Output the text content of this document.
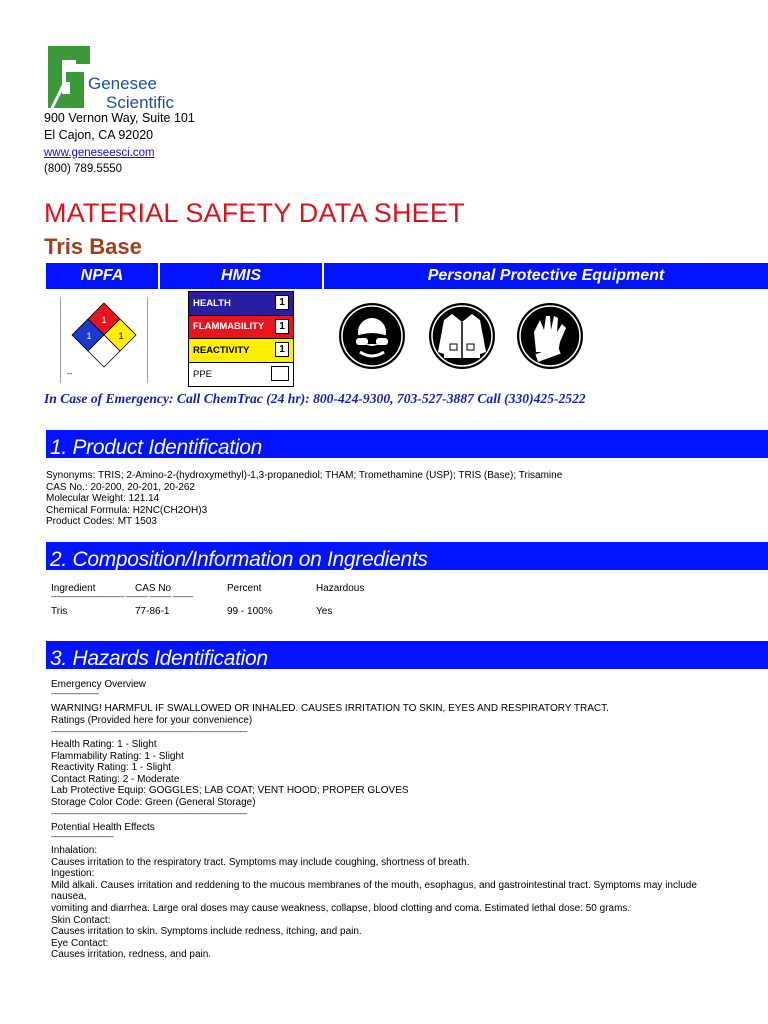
Genesee
Scientific
900 Vernon Way, Suite 101
El Cajon, CA 92020
www.geneseesci.com
(800) 789.5550
MATERIAL SAFETY DATA SHEET
Tris Base
NPFA	HMIS	Personal Protective Equipment
1
1	1
--
HEALTH	1
FLAMMABILITY	1
REACTIVITY	1
PPE
In Case of Emergency: Call ChemTrac (24 hr): 800-424-9300, 703-527-3887 Call (330)425-2522
1. Product Identification
Synonyms: TRIS; 2-Amino-2-(hydroxymethyl)-1,3-propanediol; THAM; Tromethamine (USP); TRIS (Base); Trisamine
CAS No.: 20-200, 20-201, 20-262
Molecular Weight: 121.14
Chemical Formula: H2NC(CH2OH)3
Product Codes: MT 1503
2. Composition/Information on Ingredients
Ingredient	CAS No	Percent	Hazardous
---------------------------------------- ------------ ------------ -----------
Tris	77-86-1	99 - 100%	Yes
3. Hazards Identification
Emergency Overview
--------------------------
WARNING! HARMFUL IF SWALLOWED OR INHALED. CAUSES IRRITATION TO SKIN, EYES AND RESPIRATORY TRACT.
Ratings (Provided here for your convenience)
-----------------------------------------------------------------------------------------------------------
Health Rating: 1 - Slight
Flammability Rating: 1 - Slight
Reactivity Rating: 1 - Slight
Contact Rating: 2 - Moderate
Lab Protective Equip: GOGGLES; LAB COAT; VENT HOOD; PROPER GLOVES
Storage Color Code: Green (General Storage)
-----------------------------------------------------------------------------------------------------------
Potential Health Effects
----------------------------------
Inhalation:
Causes irritation to the respiratory tract. Symptoms may include coughing, shortness of breath.
Ingestion:
Mild alkali. Causes irritation and reddening to the mucous membranes of the mouth, esophagus, and gastrointestinal tract. Symptoms may include
nausea,
vomiting and diarrhea. Large oral doses may cause weakness, collapse, blood clotting and coma. Estimated lethal dose: 50 grams.
Skin Contact:
Causes irritation to skin. Symptoms include redness, itching, and pain.
Eye Contact:
Causes irritation, redness, and pain.
